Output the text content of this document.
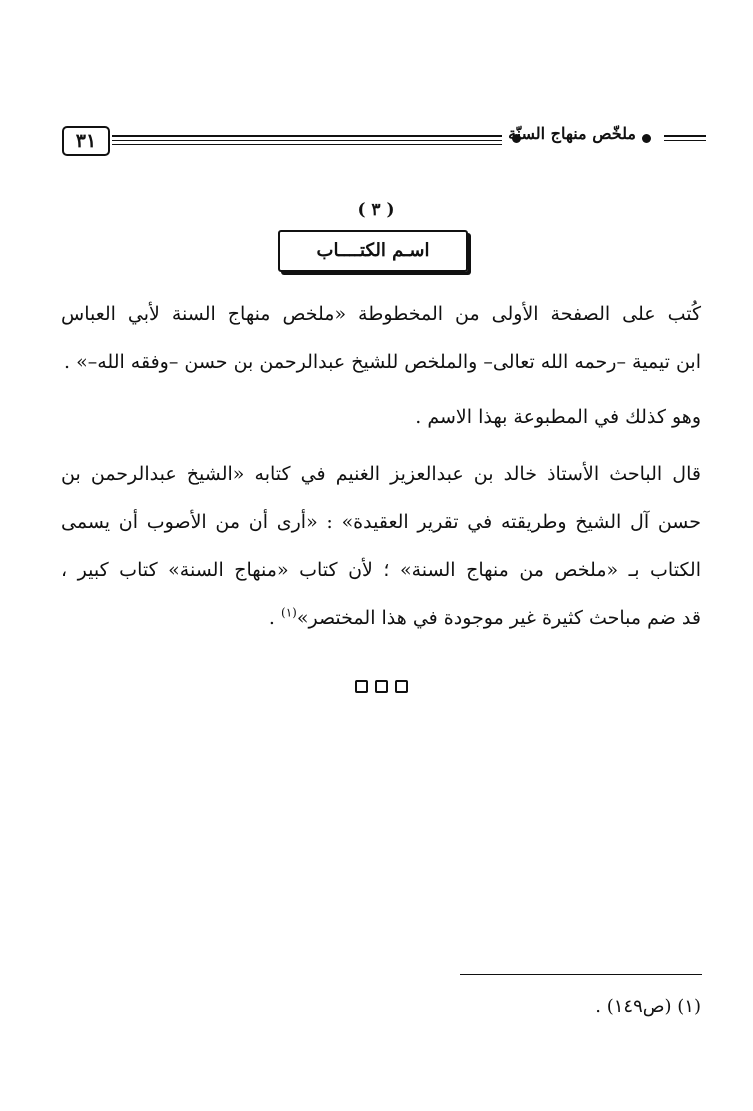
٣١	ملخّص منهاج السنّة
( ٣ )
اسـم الكتــــاب
كُتب على الصفحة الأولى من المخطوطة «ملخص منهاج السنة لأبي العباس
ابن تيمية –رحمه الله تعالى– والملخص للشيخ عبدالرحمن بن حسن –وفقه الله–» .
وهو كذلك في المطبوعة بهذا الاسم .
قال الباحث الأستاذ خالد بن عبدالعزيز الغنيم في كتابه «الشيخ عبدالرحمن بن
حسن آل الشيخ وطريقته في تقرير العقيدة» : «أرى أن من الأصوب أن يسمى
الكتاب بـ «ملخص من منهاج السنة» ؛ لأن كتاب «منهاج السنة» كتاب كبير ،
قد ضم مباحث كثيرة غير موجودة في هذا المختصر»$^{(١)}$ .
(١) (ص١٤٩) .
